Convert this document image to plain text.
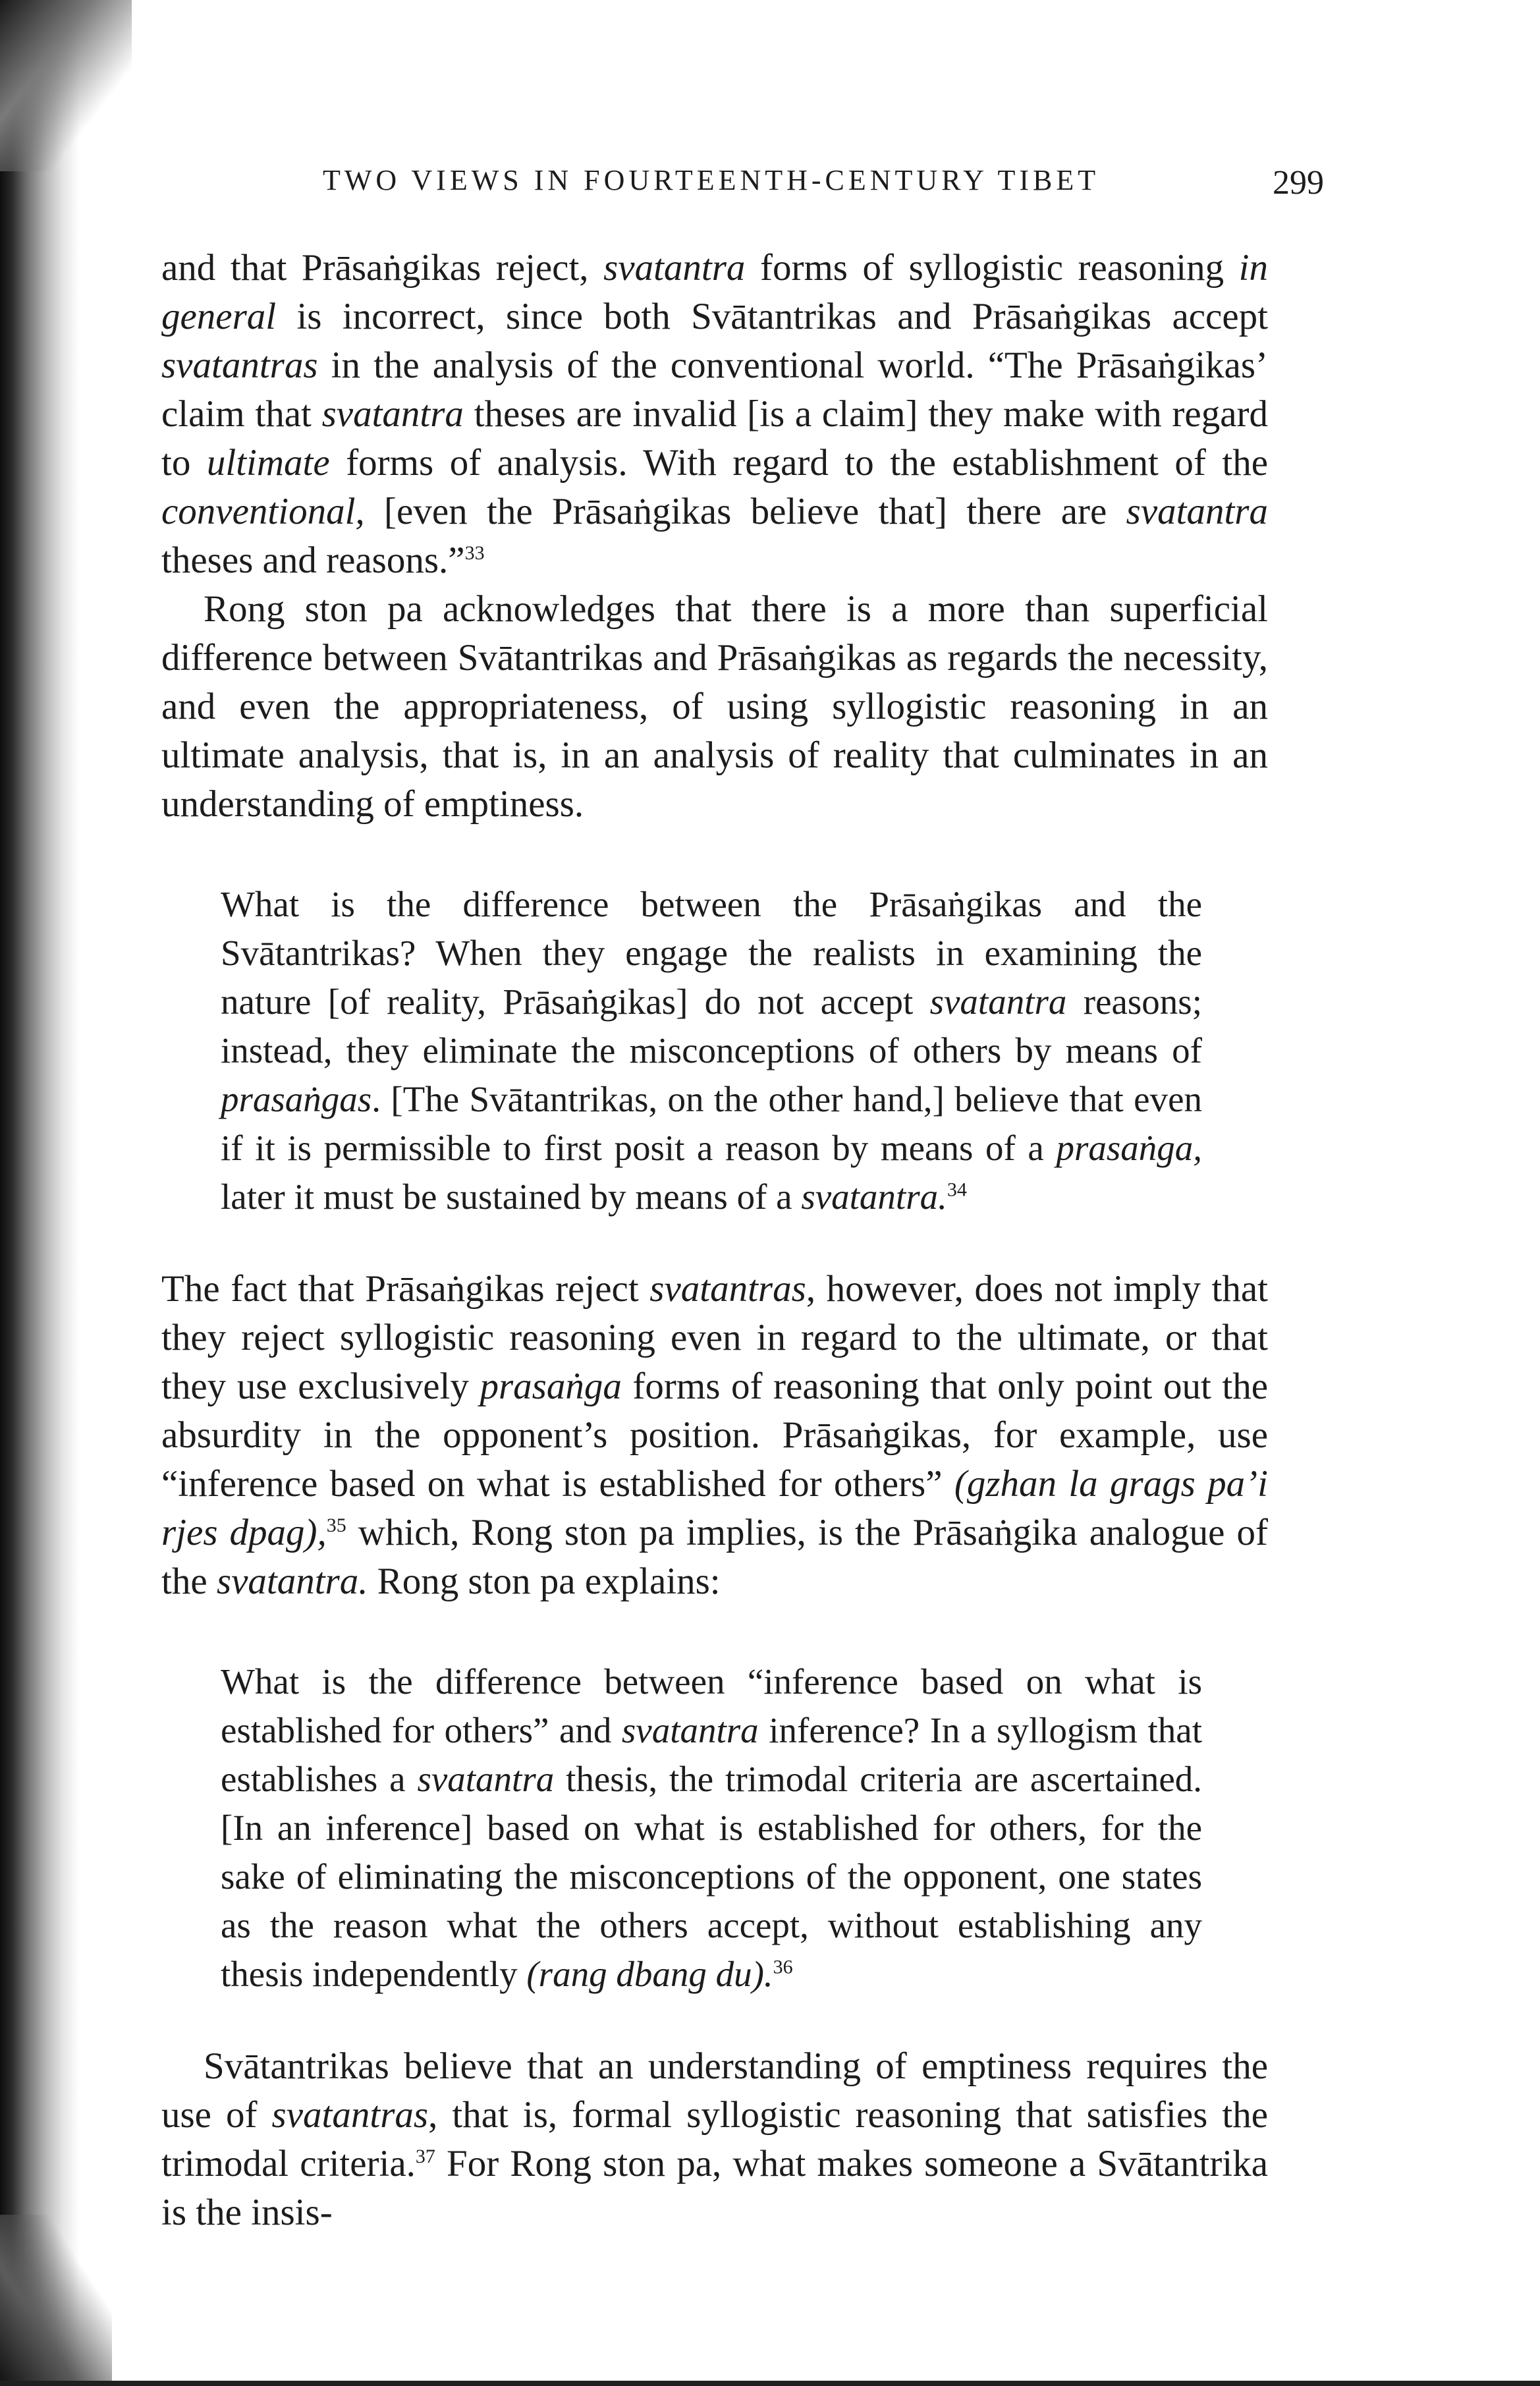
TWO VIEWS IN FOURTEENTH-CENTURY TIBET	299

and that Prāsaṅgikas reject, svatantra forms of syllogistic reasoning in general is incorrect, since both Svātantrikas and Prāsaṅgikas accept svatantras in the analysis of the conventional world. “The Prāsaṅgikas’ claim that svatantra theses are invalid [is a claim] they make with regard to ultimate forms of analysis. With regard to the establishment of the conventional, [even the Prāsaṅgikas believe that] there are svatantra theses and reasons.”$^{33}$

Rong ston pa acknowledges that there is a more than superficial difference between Svātantrikas and Prāsaṅgikas as regards the necessity, and even the appropriateness, of using syllogistic reasoning in an ultimate analysis, that is, in an analysis of reality that culminates in an understanding of emptiness.

What is the difference between the Prāsaṅgikas and the Svātantrikas? When they engage the realists in examining the nature [of reality, Prāsaṅgikas] do not accept svatantra reasons; instead, they eliminate the misconceptions of others by means of prasaṅgas. [The Svātantrikas, on the other hand,] believe that even if it is permissible to first posit a reason by means of a prasaṅga, later it must be sustained by means of a svatantra.$^{34}$

The fact that Prāsaṅgikas reject svatantras, however, does not imply that they reject syllogistic reasoning even in regard to the ultimate, or that they use exclusively prasaṅga forms of reasoning that only point out the absurdity in the opponent’s position. Prāsaṅgikas, for example, use “inference based on what is established for others” (gzhan la grags pa’i rjes dpag),$^{35}$ which, Rong ston pa implies, is the Prāsaṅgika analogue of the svatantra. Rong ston pa explains:

What is the difference between “inference based on what is established for others” and svatantra inference? In a syllogism that establishes a svatantra thesis, the trimodal criteria are ascertained. [In an inference] based on what is established for others, for the sake of eliminating the misconceptions of the opponent, one states as the reason what the others accept, without establishing any thesis independently (rang dbang du).$^{36}$

Svātantrikas believe that an understanding of emptiness requires the use of svatantras, that is, formal syllogistic reasoning that satisfies the trimodal criteria.$^{37}$ For Rong ston pa, what makes someone a Svātantrika is the insis-
